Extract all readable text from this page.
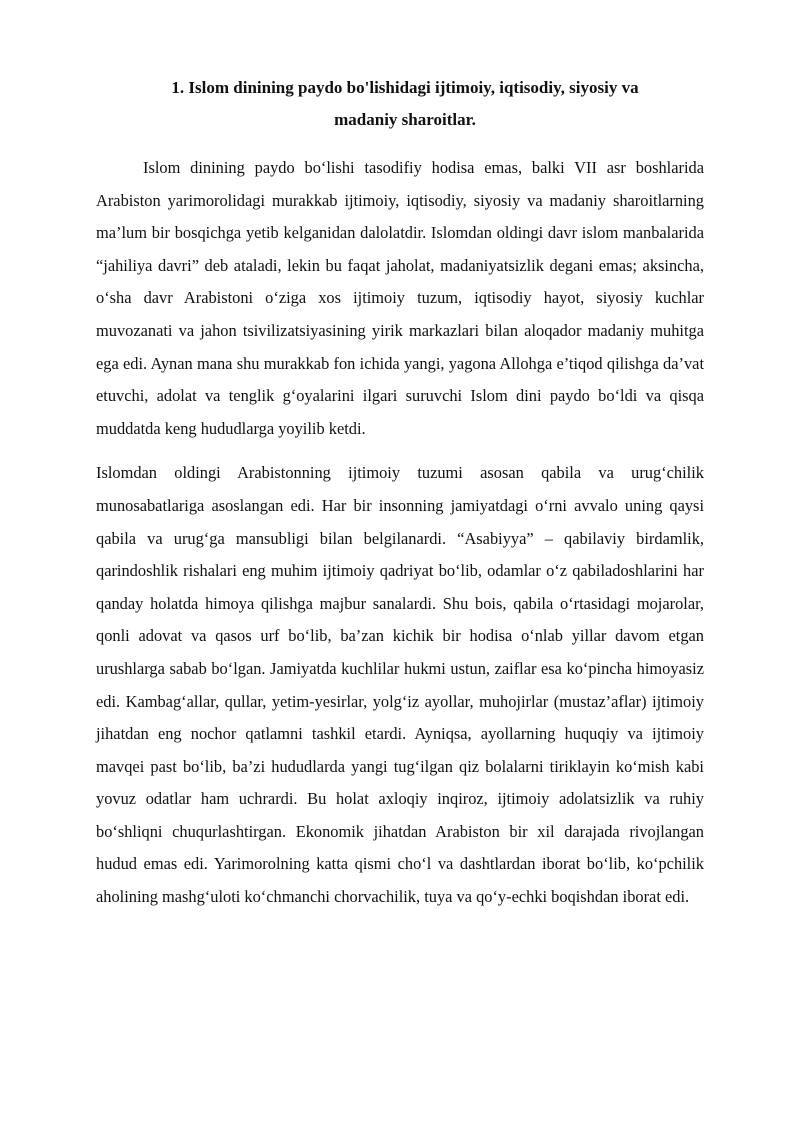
1. Islom dinining paydo bo'lishidagi ijtimoiy, iqtisodiy, siyosiy va
madaniy sharoitlar.

Islom dinining paydo bo‘lishi tasodifiy hodisa emas, balki VII asr boshlarida Arabiston yarimorolidagi murakkab ijtimoiy, iqtisodiy, siyosiy va madaniy sharoitlarning ma’lum bir bosqichga yetib kelganidan dalolatdir. Islomdan oldingi davr islom manbalarida “jahiliya davri” deb ataladi, lekin bu faqat jaholat, madaniyatsizlik degani emas; aksincha, o‘sha davr Arabistoni o‘ziga xos ijtimoiy tuzum, iqtisodiy hayot, siyosiy kuchlar muvozanati va jahon tsivilizatsiyasining yirik markazlari bilan aloqador madaniy muhitga ega edi. Aynan mana shu murakkab fon ichida yangi, yagona Allohga e’tiqod qilishga da’vat etuvchi, adolat va tenglik g‘oyalarini ilgari suruvchi Islom dini paydo bo‘ldi va qisqa muddatda keng hududlarga yoyilib ketdi.

Islomdan oldingi Arabistonning ijtimoiy tuzumi asosan qabila va urug‘chilik munosabatlariga asoslangan edi. Har bir insonning jamiyatdagi o‘rni avvalo uning qaysi qabila va urug‘ga mansubligi bilan belgilanardi. “Asabiyya” – qabilaviy birdamlik, qarindoshlik rishalari eng muhim ijtimoiy qadriyat bo‘lib, odamlar o‘z qabiladoshlarini har qanday holatda himoya qilishga majbur sanalardi. Shu bois, qabila o‘rtasidagi mojarolar, qonli adovat va qasos urf bo‘lib, ba’zan kichik bir hodisa o‘nlab yillar davom etgan urushlarga sabab bo‘lgan. Jamiyatda kuchlilar hukmi ustun, zaiflar esa ko‘pincha himoyasiz edi. Kambag‘allar, qullar, yetim-yesirlar, yolg‘iz ayollar, muhojirlar (mustaz’aflar) ijtimoiy jihatdan eng nochor qatlamni tashkil etardi. Ayniqsa, ayollarning huquqiy va ijtimoiy mavqei past bo‘lib, ba’zi hududlarda yangi tug‘ilgan qiz bolalarni tiriklayin ko‘mish kabi yovuz odatlar ham uchrardi. Bu holat axloqiy inqiroz, ijtimoiy adolatsizlik va ruhiy bo‘shliqni chuqurlashtirgan. Ekonomik jihatdan Arabiston bir xil darajada rivojlangan hudud emas edi. Yarimorolning katta qismi cho‘l va dashtlardan iborat bo‘lib, ko‘pchilik aholining mashg‘uloti ko‘chmanchi chorvachilik, tuya va qo‘y-echki boqishdan iborat edi.
